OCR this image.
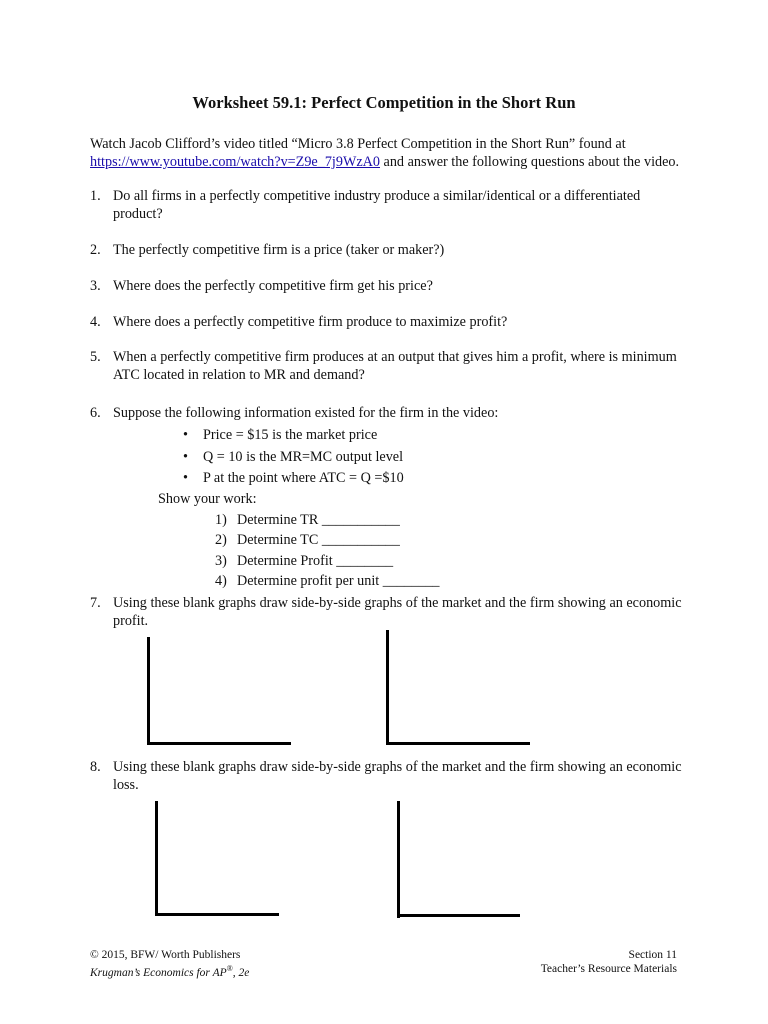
Worksheet 59.1: Perfect Competition in the Short Run
Watch Jacob Clifford’s video titled “Micro 3.8 Perfect Competition in the Short Run” found at https://www.youtube.com/watch?v=Z9e_7j9WzA0 and answer the following questions about the video.
1. Do all firms in a perfectly competitive industry produce a similar/identical or a differentiated product?
2. The perfectly competitive firm is a price (taker or maker?)
3. Where does the perfectly competitive firm get his price?
4. Where does a perfectly competitive firm produce to maximize profit?
5. When a perfectly competitive firm produces at an output that gives him a profit, where is minimum ATC located in relation to MR and demand?
6. Suppose the following information existed for the firm in the video:
• Price = $15 is the market price
• Q = 10 is the MR=MC output level
• P at the point where ATC = Q =$10
Show your work:
1) Determine TR ___________
2) Determine TC ___________
3) Determine Profit ________
4) Determine profit per unit ________
7. Using these blank graphs draw side-by-side graphs of the market and the firm showing an economic profit.
8. Using these blank graphs draw side-by-side graphs of the market and the firm showing an economic loss.
© 2015, BFW/ Worth Publishers
Krugman’s Economics for AP®, 2e
Section 11
Teacher’s Resource Materials
